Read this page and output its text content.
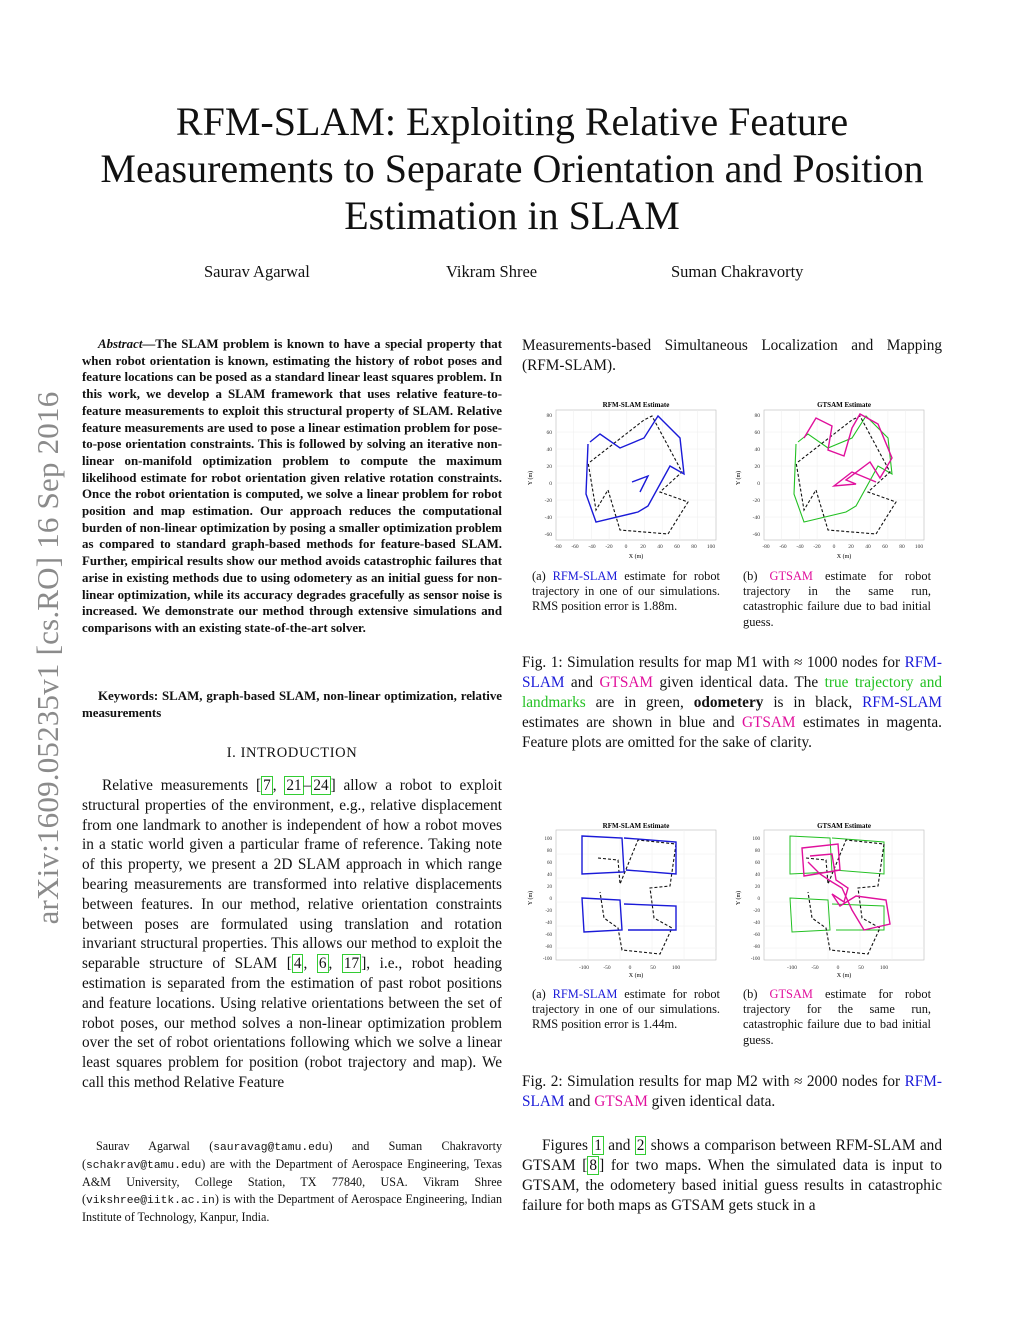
arXiv:1609.05235v1 [cs.RO] 16 Sep 2016
RFM-SLAM: Exploiting Relative Feature Measurements to Separate Orientation and Position Estimation in SLAM
Saurav Agarwal	Vikram Shree	Suman Chakravorty
Abstract—The SLAM problem is known to have a special property that when robot orientation is known, estimating the history of robot poses and feature locations can be posed as a standard linear least squares problem. In this work, we develop a SLAM framework that uses relative feature-to-feature measurements to exploit this structural property of SLAM. Relative feature measurements are used to pose a linear estimation problem for pose-to-pose orientation constraints. This is followed by solving an iterative non-linear on-manifold optimization problem to compute the maximum likelihood estimate for robot orientation given relative rotation constraints. Once the robot orientation is computed, we solve a linear problem for robot position and map estimation. Our approach reduces the computational burden of non-linear optimization by posing a smaller optimization problem as compared to standard graph-based methods for feature-based SLAM. Further, empirical results show our method avoids catastrophic failures that arise in existing methods due to using odometery as an initial guess for non-linear optimization, while its accuracy degrades gracefully as sensor noise is increased. We demonstrate our method through extensive simulations and comparisons with an existing state-of-the-art solver.
Keywords: SLAM, graph-based SLAM, non-linear optimization, relative measurements
I. INTRODUCTION

Relative measurements [ 7 , 21 – 24 ] allow a robot to exploit structural properties of the environment, e.g., relative displacement from one landmark to another is independent of how a robot moves in a static world given a particular frame of reference. Taking note of this property, we present a 2D SLAM approach in which range bearing measurements are transformed into relative displacements between features. In our method, relative orientation constraints between poses are formulated using translation and rotation invariant structural properties. This allows our method to exploit the separable structure of SLAM [ 4 , 6 , 17 ], i.e., robot heading estimation is separated from the estimation of past robot positions and feature locations. Using relative orientations between the set of robot poses, our method solves a non-linear optimization problem over the set of robot orientations following which we solve a linear least squares problem for position (robot trajectory and map). We call this method Relative Feature

Saurav Agarwal (sauravag@tamu.edu) and Suman Chakravorty (schakrav@tamu.edu) are with the Department of Aerospace Engineering, Texas A&M University, College Station, TX 77840, USA. Vikram Shree (vikshree@iitk.ac.in) is with the Department of Aerospace Engineering, Indian Institute of Technology, Kanpur, India.

Measurements-based Simultaneous Localization and Mapping (RFM-SLAM).
RFM-SLAM Estimate
-80 -60 -40 -20 0 20 40 60 80 100
80
60
40
20
0
-20
-40
-60
X (m)
Y (m)
GTSAM Estimate
-80 -60 -40 -20 0 20 40 60 80 100
80
60
40
20
0
-20
-40
-60
X (m)
Y (m)
(a) RFM-SLAM estimate for robot trajectory in one of our simulations. RMS position error is 1.88m.
(b) GTSAM estimate for robot trajectory in the same run, catastrophic failure due to bad initial guess.
Fig. 1: Simulation results for map M1 with ≈ 1000 nodes for RFM-SLAM and GTSAM given identical data. The true trajectory and landmarks are in green, odometery is in black, RFM-SLAM estimates are shown in blue and GTSAM estimates in magenta. Feature plots are omitted for the sake of clarity.
RFM-SLAM Estimate
-100	-50	0	50	100
100
80
60
40
20
0
-20
-40
-60
-80
-100
X (m)
Y (m)
GTSAM Estimate
-100	-50	0	50	100
100
80
60
40
20
0
-20
-40
-60
-80
-100
X (m)
Y (m)
(a) RFM-SLAM estimate for robot trajectory in one of our simulations. RMS position error is 1.44m.
(b) GTSAM estimate for robot trajectory for the same run, catastrophic failure due to bad initial guess.
Fig. 2: Simulation results for map M2 with ≈ 2000 nodes for RFM-SLAM and GTSAM given identical data.

Figures 1 and 2 shows a comparison between RFM-SLAM and GTSAM [ 8 ] for two maps. When the simulated data is input to GTSAM, the odometery based initial guess results in catastrophic failure for both maps as GTSAM gets stuck in a
